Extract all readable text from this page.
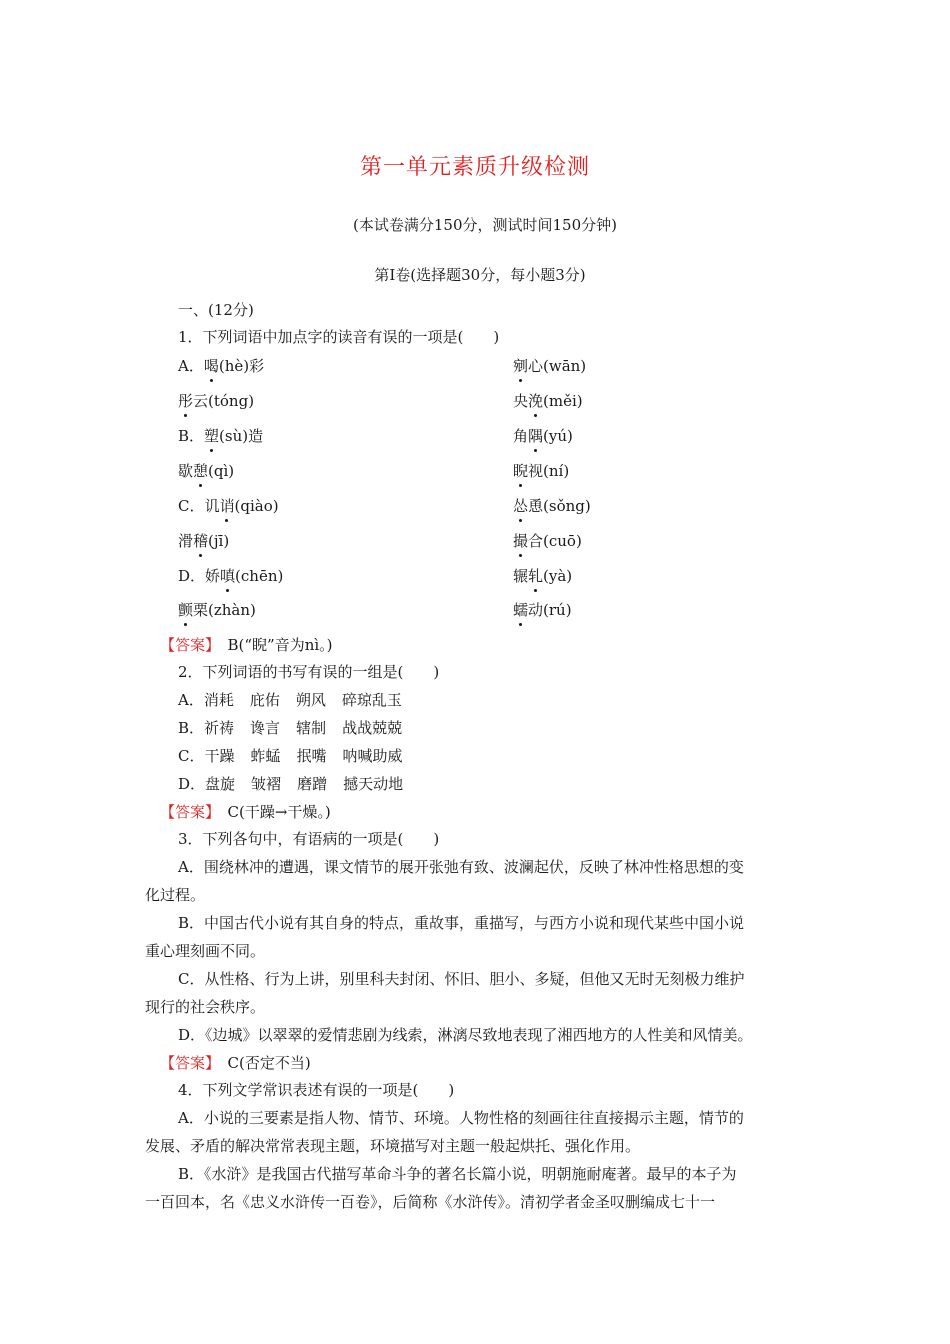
第一单元素质升级检测
(本试卷满分150分，测试时间150分钟)
第Ⅰ卷(选择题30分，每小题3分)
一、(12分)
1．下列词语中加点字的读音有误的一项是(　　)
A．喝(hè)彩	剜心(wān)
彤云(tóng)	央浼(měi)
B．塑(sù)造	角隅(yú)
歇憩(qì)	睨视(ní)
C．讥诮(qiào)	怂恿(sǒng)
滑稽(jī)	撮合(cuō)
D．娇嗔(chēn)	辗轧(yà)
颤栗(zhàn)	蠕动(rú)
【答案】　B(“睨”音为nì。)
2．下列词语的书写有误的一组是(　　)
A．消耗 庇佑 朔风 碎琼乱玉
B．祈祷 谗言 辖制 战战兢兢
C．干躁 蚱蜢 抿嘴 呐喊助威
D．盘旋 皱褶 磨蹭 撼天动地
【答案】　C(干躁→干燥。)
3．下列各句中，有语病的一项是(　　)
A．围绕林冲的遭遇，课文情节的展开张弛有致、波澜起伏，反映了林冲性格思想的变
化过程。
B．中国古代小说有其自身的特点，重故事，重描写，与西方小说和现代某些中国小说
重心理刻画不同。
C．从性格、行为上讲，别里科夫封闭、怀旧、胆小、多疑，但他又无时无刻极力维护
现行的社会秩序。
D．《边城》以翠翠的爱情悲剧为线索，淋漓尽致地表现了湘西地方的人性美和风情美。
【答案】　C(否定不当)
4．下列文学常识表述有误的一项是(　　)
A．小说的三要素是指人物、情节、环境。人物性格的刻画往往直接揭示主题，情节的
发展、矛盾的解决常常表现主题，环境描写对主题一般起烘托、强化作用。
B．《水浒》是我国古代描写革命斗争的著名长篇小说，明朝施耐庵著。最早的本子为
一百回本，名《忠义水浒传一百卷》，后简称《水浒传》。清初学者金圣叹删编成七十一
